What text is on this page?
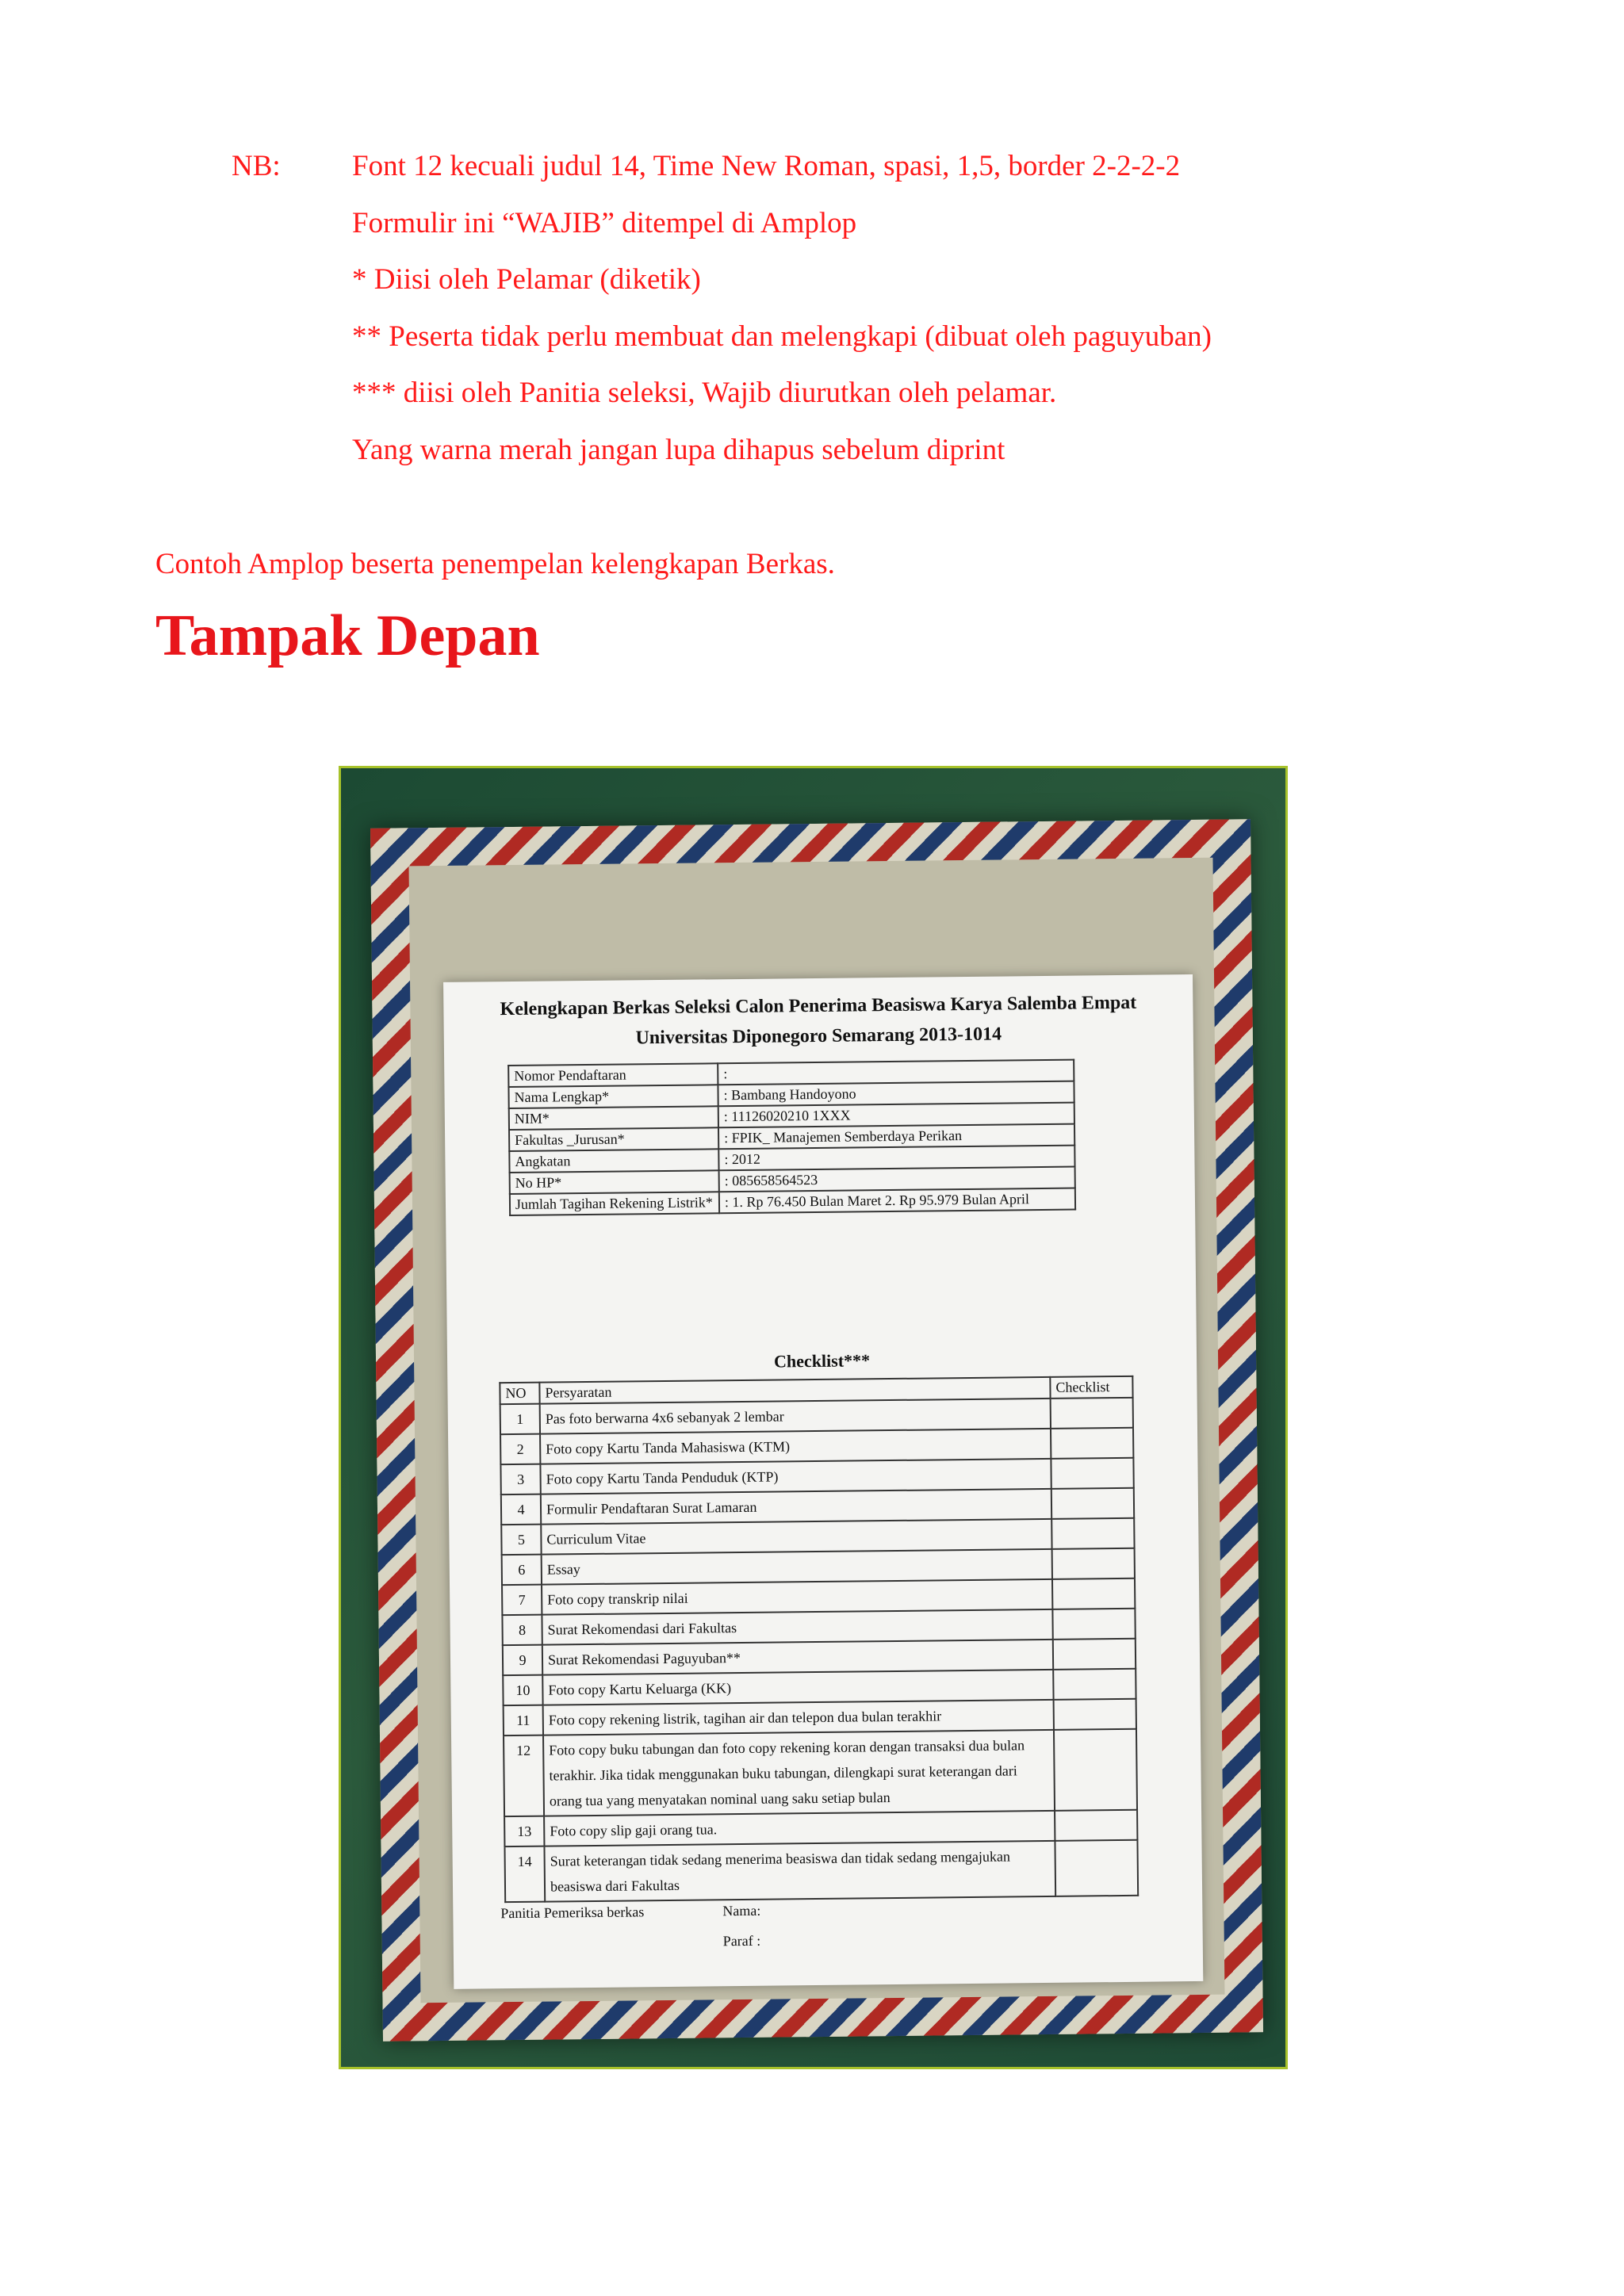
NB: Font 12 kecuali judul 14, Time New Roman, spasi, 1,5, border 2-2-2-2
Formulir ini “WAJIB” ditempel di Amplop
* Diisi oleh Pelamar (diketik)
** Peserta tidak perlu membuat dan melengkapi (dibuat oleh paguyuban)
*** diisi oleh Panitia seleksi, Wajib diurutkan oleh pelamar.
Yang warna merah jangan lupa dihapus sebelum diprint
Contoh Amplop beserta penempelan kelengkapan Berkas.
Tampak Depan
Kelengkapan Berkas Seleksi Calon Penerima Beasiswa Karya Salemba Empat
Universitas Diponegoro Semarang 2013-1014
Nomor Pendaftaran	:
Nama Lengkap*	: Bambang Handoyono
NIM*	: 11126020210 1XXX
Fakultas _Jurusan*	: FPIK_ Manajemen Semberdaya Perikan
Angkatan	: 2012
No HP*	: 085658564523
Jumlah Tagihan Rekening Listrik*	: 1. Rp 76.450 Bulan Maret 2. Rp 95.979 Bulan April
Checklist***
NO	Persyaratan	Checklist
1	Pas foto berwarna 4x6 sebanyak 2 lembar	
2	Foto copy Kartu Tanda Mahasiswa (KTM)	
3	Foto copy Kartu Tanda Penduduk (KTP)	
4	Formulir Pendaftaran Surat Lamaran	
5	Curriculum Vitae	
6	Essay	
7	Foto copy transkrip nilai	
8	Surat Rekomendasi dari Fakultas	
9	Surat Rekomendasi Paguyuban**	
10	Foto copy Kartu Keluarga (KK)	
11	Foto copy rekening listrik, tagihan air dan telepon dua bulan terakhir	
12	Foto copy buku tabungan dan foto copy rekening koran dengan transaksi dua bulan terakhir. Jika tidak menggunakan buku tabungan, dilengkapi surat keterangan dari orang tua yang menyatakan nominal uang saku setiap bulan	
13	Foto copy slip gaji orang tua.	
14	Surat keterangan tidak sedang menerima beasiswa dan tidak sedang mengajukan beasiswa dari Fakultas	
Panitia Pemeriksa berkas	Nama:
Paraf :
